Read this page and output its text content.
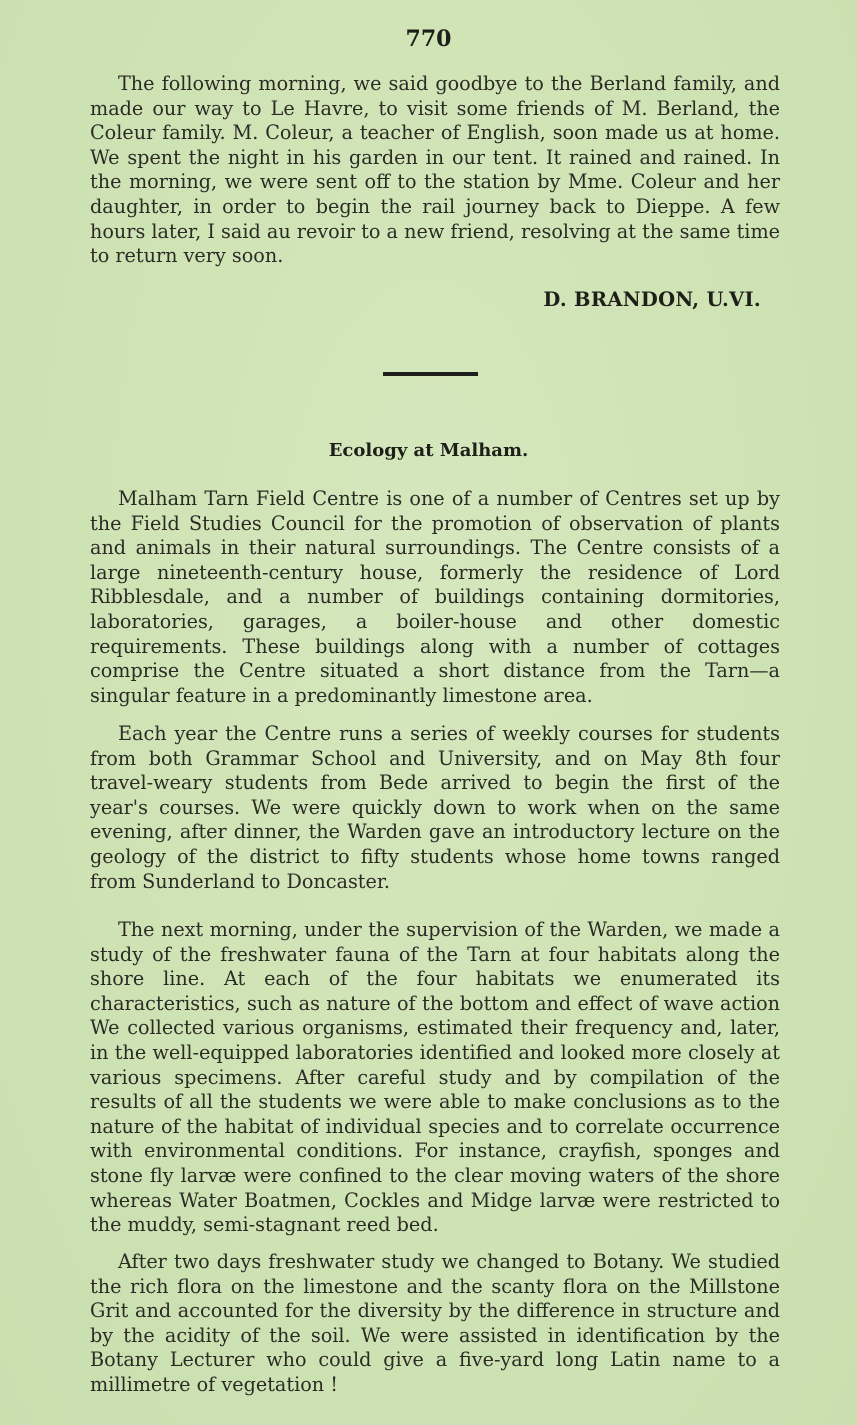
770

The following morning, we said goodbye to the Berland family, and made our way to Le Havre, to visit some friends of M. Berland, the Coleur family. M. Coleur, a teacher of English, soon made us at home. We spent the night in his garden in our tent. It rained and rained. In the morning, we were sent off to the station by Mme. Coleur and her daughter, in order to begin the rail journey back to Dieppe. A few hours later, I said au revoir to a new friend, resolving at the same time to return very soon.

D. BRANDON, U.VI.
Ecology at Malham.

Malham Tarn Field Centre is one of a number of Centres set up by the Field Studies Council for the promotion of observation of plants and animals in their natural surroundings. The Centre consists of a large nineteenth-century house, formerly the residence of Lord Ribblesdale, and a number of buildings containing dormitories, laboratories, garages, a boiler-house and other domestic requirements. These buildings along with a number of cottages comprise the Centre situated a short distance from the Tarn—a singular feature in a predominantly limestone area.

Each year the Centre runs a series of weekly courses for students from both Grammar School and University, and on May 8th four travel-weary students from Bede arrived to begin the first of the year's courses. We were quickly down to work when on the same evening, after dinner, the Warden gave an introductory lecture on the geology of the district to fifty students whose home towns ranged from Sunderland to Doncaster.

The next morning, under the supervision of the Warden, we made a study of the freshwater fauna of the Tarn at four habitats along the shore line. At each of the four habitats we enumerated its characteristics, such as nature of the bottom and effect of wave action We collected various organisms, estimated their frequency and, later, in the well-equipped laboratories identified and looked more closely at various specimens. After careful study and by compilation of the results of all the students we were able to make conclusions as to the nature of the habitat of individual species and to correlate occurrence with environmental conditions. For instance, crayfish, sponges and stone fly larvæ were confined to the clear moving waters of the shore whereas Water Boatmen, Cockles and Midge larvæ were restricted to the muddy, semi-stagnant reed bed.

After two days freshwater study we changed to Botany. We studied the rich flora on the limestone and the scanty flora on the Millstone Grit and accounted for the diversity by the difference in structure and by the acidity of the soil. We were assisted in identification by the Botany Lecturer who could give a five-yard long Latin name to a millimetre of vegetation !
